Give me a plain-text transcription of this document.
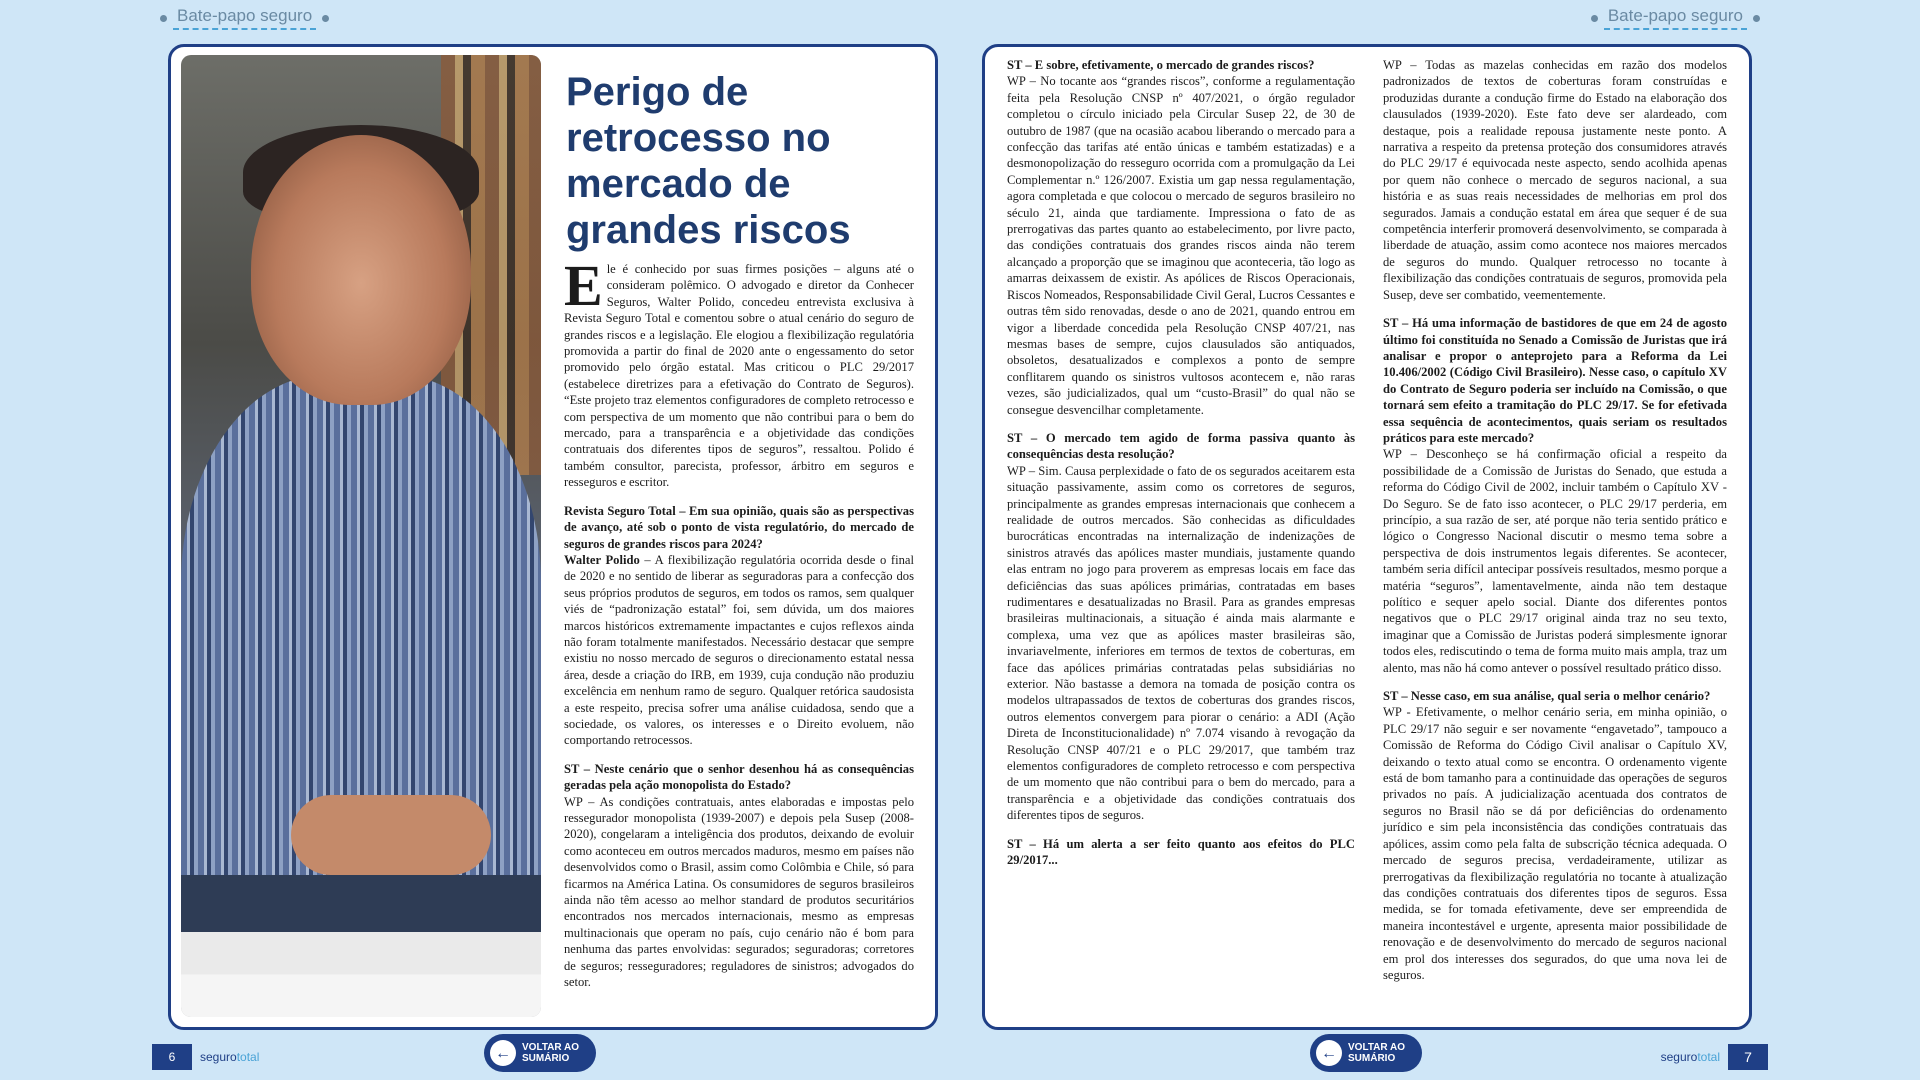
Bate-papo seguro	Bate-papo seguro
Perigo de retrocesso no mercado de grandes riscos

Ele é conhecido por suas firmes posições – alguns até o consideram polêmico. O advogado e diretor da Conhecer Seguros, Walter Polido, concedeu entrevista exclusiva à Revista Seguro Total e comentou sobre o atual cenário do seguro de grandes riscos e a legislação. Ele elogiou a flexibilização regulatória promovida a partir do final de 2020 ante o engessamento do setor promovido pelo órgão estatal. Mas criticou o PLC 29/2017 (estabelece diretrizes para a efetivação do Contrato de Seguros). “Este projeto traz elementos configuradores de completo retrocesso e com perspectiva de um momento que não contribui para o bem do mercado, para a transparência e a objetividade das condições contratuais dos diferentes tipos de seguros”, ressaltou. Polido é também consultor, parecista, professor, árbitro em seguros e resseguros e escritor.

Revista Seguro Total – Em sua opinião, quais são as perspectivas de avanço, até sob o ponto de vista regulatório, do mercado de seguros de grandes riscos para 2024?

Walter Polido – A flexibilização regulatória ocorrida desde o final de 2020 e no sentido de liberar as seguradoras para a confecção dos seus próprios produtos de seguros, em todos os ramos, sem qualquer viés de “padronização estatal” foi, sem dúvida, um dos maiores marcos históricos extremamente impactantes e cujos reflexos ainda não foram totalmente manifestados. Necessário destacar que sempre existiu no nosso mercado de seguros o direcionamento estatal nessa área, desde a criação do IRB, em 1939, cuja condução não produziu excelência em nenhum ramo de seguro. Qualquer retórica saudosista a este respeito, precisa sofrer uma análise cuidadosa, sendo que a sociedade, os valores, os interesses e o Direito evoluem, não comportando retrocessos.

ST – Neste cenário que o senhor desenhou há as consequências geradas pela ação monopolista do Estado?

WP – As condições contratuais, antes elaboradas e impostas pelo ressegurador monopolista (1939-2007) e depois pela Susep (2008-2020), congelaram a inteligência dos produtos, deixando de evoluir como aconteceu em outros mercados maduros, mesmo em países não desenvolvidos como o Brasil, assim como Colômbia e Chile, só para ficarmos na América Latina. Os consumidores de seguros brasileiros ainda não têm acesso ao melhor standard de produtos securitários encontrados nos mercados internacionais, mesmo as empresas multinacionais que operam no país, cujo cenário não é bom para nenhuma das partes envolvidas: segurados; seguradoras; corretores de seguros; resseguradores; reguladores de sinistros; advogados do setor.

ST – E sobre, efetivamente, o mercado de grandes riscos?

WP – No tocante aos “grandes riscos”, conforme a regulamentação feita pela Resolução CNSP nº 407/2021, o órgão regulador completou o círculo iniciado pela Circular Susep 22, de 30 de outubro de 1987 (que na ocasião acabou liberando o mercado para a confecção das tarifas até então únicas e também estatizadas) e a desmonopolização do resseguro ocorrida com a promulgação da Lei Complementar n.º 126/2007. Existia um gap nessa regulamentação, agora completada e que colocou o mercado de seguros brasileiro no século 21, ainda que tardiamente. Impressiona o fato de as prerrogativas das partes quanto ao estabelecimento, por livre pacto, das condições contratuais dos grandes riscos ainda não terem alcançado a proporção que se imaginou que aconteceria, tão logo as amarras deixassem de existir. As apólices de Riscos Operacionais, Riscos Nomeados, Responsabilidade Civil Geral, Lucros Cessantes e outras têm sido renovadas, desde o ano de 2021, quando entrou em vigor a liberdade concedida pela Resolução CNSP 407/21, nas mesmas bases de sempre, cujos clausulados são antiquados, obsoletos, desatualizados e complexos a ponto de sempre conflitarem quando os sinistros vultosos acontecem e, não raras vezes, são judicializados, qual um “custo-Brasil” do qual não se consegue desvencilhar completamente.

ST – O mercado tem agido de forma passiva quanto às consequências desta resolução?

WP – Sim. Causa perplexidade o fato de os segurados aceitarem esta situação passivamente, assim como os corretores de seguros, principalmente as grandes empresas internacionais que conhecem a realidade de outros mercados. São conhecidas as dificuldades burocráticas encontradas na internalização de indenizações de sinistros através das apólices master mundiais, justamente quando elas entram no jogo para proverem as empresas locais em face das deficiências das suas apólices primárias, contratadas em bases rudimentares e desatualizadas no Brasil. Para as grandes empresas brasileiras multinacionais, a situação é ainda mais alarmante e complexa, uma vez que as apólices master brasileiras são, invariavelmente, inferiores em termos de textos de coberturas, em face das apólices primárias contratadas pelas subsidiárias no exterior. Não bastasse a demora na tomada de posição contra os modelos ultrapassados de textos de coberturas dos grandes riscos, outros elementos convergem para piorar o cenário: a ADI (Ação Direta de Inconstitucionalidade) nº 7.074 visando à revogação da Resolução CNSP 407/21 e o PLC 29/2017, que também traz elementos configuradores de completo retrocesso e com perspectiva de um momento que não contribui para o bem do mercado, para a transparência e a objetividade das condições contratuais dos diferentes tipos de seguros.

ST – Há um alerta a ser feito quanto aos efeitos do PLC 29/2017...

WP – Todas as mazelas conhecidas em razão dos modelos padronizados de textos de coberturas foram construídas e produzidas durante a condução firme do Estado na elaboração dos clausulados (1939-2020). Este fato deve ser alardeado, com destaque, pois a realidade repousa justamente neste ponto. A narrativa a respeito da pretensa proteção dos consumidores através do PLC 29/17 é equivocada neste aspecto, sendo acolhida apenas por quem não conhece o mercado de seguros nacional, a sua história e as suas reais necessidades de melhorias em prol dos segurados. Jamais a condução estatal em área que sequer é de sua competência interferir promoverá desenvolvimento, se comparada à liberdade de atuação, assim como acontece nos maiores mercados de seguros do mundo. Qualquer retrocesso no tocante à flexibilização das condições contratuais de seguros, promovida pela Susep, deve ser combatido, veementemente.

ST – Há uma informação de bastidores de que em 24 de agosto último foi constituída no Senado a Comissão de Juristas que irá analisar e propor o anteprojeto para a Reforma da Lei 10.406/2002 (Código Civil Brasileiro). Nesse caso, o capítulo XV do Contrato de Seguro poderia ser incluído na Comissão, o que tornará sem efeito a tramitação do PLC 29/17. Se for efetivada essa sequência de acontecimentos, quais seriam os resultados práticos para este mercado?

WP – Desconheço se há confirmação oficial a respeito da possibilidade de a Comissão de Juristas do Senado, que estuda a reforma do Código Civil de 2002, incluir também o Capítulo XV - Do Seguro. Se de fato isso acontecer, o PLC 29/17 perderia, em princípio, a sua razão de ser, até porque não teria sentido prático e lógico o Congresso Nacional discutir o mesmo tema sobre a perspectiva de dois instrumentos legais diferentes. Se acontecer, também seria difícil antecipar possíveis resultados, mesmo porque a matéria “seguros”, lamentavelmente, ainda não tem destaque político e sequer apelo social. Diante dos diferentes pontos negativos que o PLC 29/17 original ainda traz no seu texto, imaginar que a Comissão de Juristas poderá simplesmente ignorar todos eles, rediscutindo o tema de forma muito mais ampla, traz um alento, mas não há como antever o possível resultado prático disso.

ST – Nesse caso, em sua análise, qual seria o melhor cenário?

WP - Efetivamente, o melhor cenário seria, em minha opinião, o PLC 29/17 não seguir e ser novamente “engavetado”, tampouco a Comissão de Reforma do Código Civil analisar o Capítulo XV, deixando o texto atual como se encontra. O ordenamento vigente está de bom tamanho para a continuidade das operações de seguros privados no país. A judicialização acentuada dos contratos de seguros no Brasil não se dá por deficiências do ordenamento jurídico e sim pela inconsistência das condições contratuais das apólices, assim como pela falta de subscrição técnica adequada. O mercado de seguros precisa, verdadeiramente, utilizar as prerrogativas da flexibilização regulatória no tocante à atualização das condições contratuais dos diferentes tipos de seguros. Essa medida, se for tomada efetivamente, deve ser empreendida de maneira incontestável e urgente, apresenta maior possibilidade de renovação e de desenvolvimento do mercado de seguros nacional em prol dos interesses dos segurados, do que uma nova lei de seguros.

6	segurototal	←	VOLTAR AO
SUMÁRIO	←	VOLTAR AO
SUMÁRIO	segurototal	7
